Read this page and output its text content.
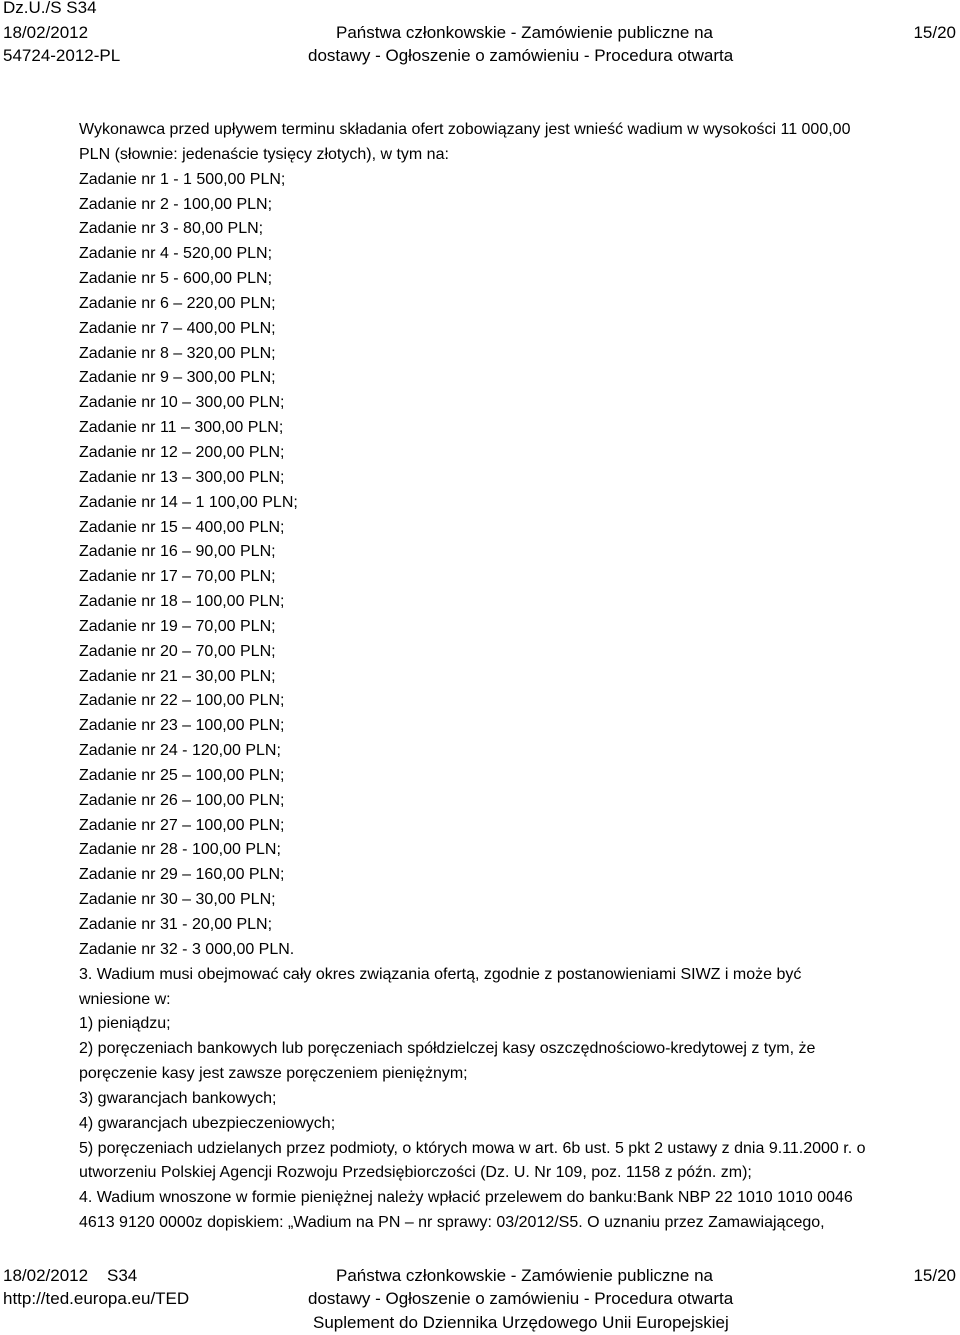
Dz.U./S S34
18/02/2012
54724-2012-PL
Państwa członkowskie - Zamówienie publiczne na
dostawy - Ogłoszenie o zamówieniu - Procedura otwarta
15/20
Wykonawca przed upływem terminu składania ofert zobowiązany jest wnieść wadium w wysokości 11 000,00
PLN (słownie: jedenaście tysięcy złotych), w tym na:
Zadanie nr 1 - 1 500,00 PLN;
Zadanie nr 2 - 100,00 PLN;
Zadanie nr 3 - 80,00 PLN;
Zadanie nr 4 - 520,00 PLN;
Zadanie nr 5 - 600,00 PLN;
Zadanie nr 6 – 220,00 PLN;
Zadanie nr 7 – 400,00 PLN;
Zadanie nr 8 – 320,00 PLN;
Zadanie nr 9 – 300,00 PLN;
Zadanie nr 10 – 300,00 PLN;
Zadanie nr 11 – 300,00 PLN;
Zadanie nr 12 – 200,00 PLN;
Zadanie nr 13 – 300,00 PLN;
Zadanie nr 14 – 1 100,00 PLN;
Zadanie nr 15 – 400,00 PLN;
Zadanie nr 16 – 90,00 PLN;
Zadanie nr 17 – 70,00 PLN;
Zadanie nr 18 – 100,00 PLN;
Zadanie nr 19 – 70,00 PLN;
Zadanie nr 20 – 70,00 PLN;
Zadanie nr 21 – 30,00 PLN;
Zadanie nr 22 – 100,00 PLN;
Zadanie nr 23 – 100,00 PLN;
Zadanie nr 24 - 120,00 PLN;
Zadanie nr 25 – 100,00 PLN;
Zadanie nr 26 – 100,00 PLN;
Zadanie nr 27 – 100,00 PLN;
Zadanie nr 28 - 100,00 PLN;
Zadanie nr 29 – 160,00 PLN;
Zadanie nr 30 – 30,00 PLN;
Zadanie nr 31 - 20,00 PLN;
Zadanie nr 32 - 3 000,00 PLN.
3. Wadium musi obejmować cały okres związania ofertą, zgodnie z postanowieniami SIWZ i może być
wniesione w:
1) pieniądzu;
2) poręczeniach bankowych lub poręczeniach spółdzielczej kasy oszczędnościowo-kredytowej z tym, że
poręczenie kasy jest zawsze poręczeniem pieniężnym;
3) gwarancjach bankowych;
4) gwarancjach ubezpieczeniowych;
5) poręczeniach udzielanych przez podmioty, o których mowa w art. 6b ust. 5 pkt 2 ustawy z dnia 9.11.2000 r. o
utworzeniu Polskiej Agencji Rozwoju Przedsiębiorczości (Dz. U. Nr 109, poz. 1158 z późn. zm);
4. Wadium wnoszone w formie pieniężnej należy wpłacić przelewem do banku:Bank NBP 22 1010 1010 0046
4613 9120 0000z dopiskiem: „Wadium na PN – nr sprawy: 03/2012/S5. O uznaniu przez Zamawiającego,
18/02/2012    S34
http://ted.europa.eu/TED
Państwa członkowskie - Zamówienie publiczne na
dostawy - Ogłoszenie o zamówieniu - Procedura otwarta
Suplement do Dziennika Urzędowego Unii Europejskiej
15/20
